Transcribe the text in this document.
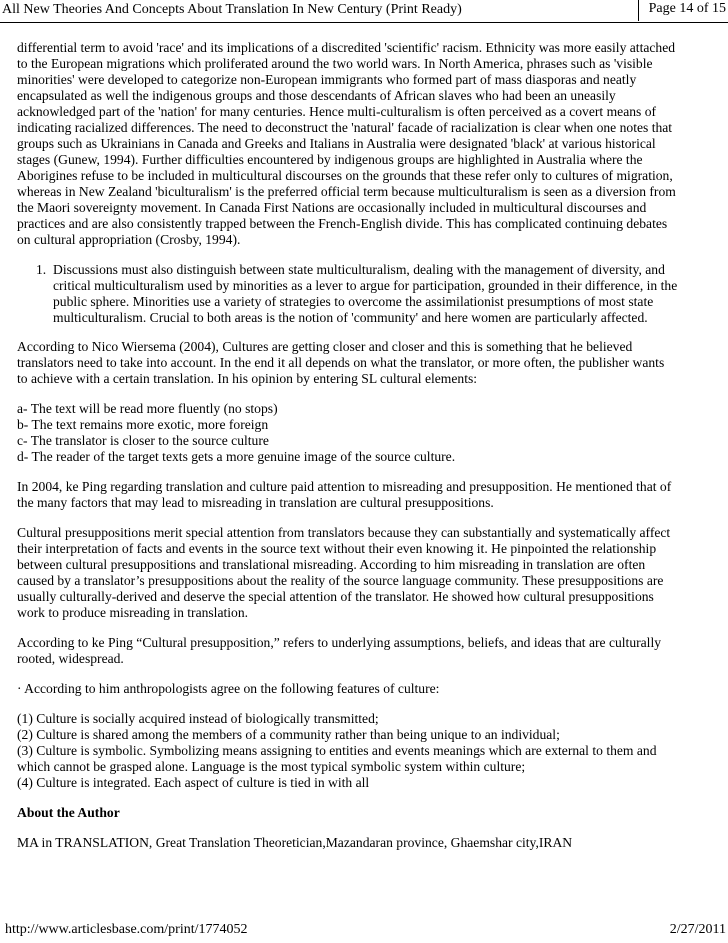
All New Theories And Concepts About Translation In New Century (Print Ready)	Page 14 of 15
differential term to avoid 'race' and its implications of a discredited 'scientific' racism. Ethnicity was more easily attached
to the European migrations which proliferated around the two world wars. In North America, phrases such as 'visible
minorities' were developed to categorize non-European immigrants who formed part of mass diasporas and neatly
encapsulated as well the indigenous groups and those descendants of African slaves who had been an uneasily
acknowledged part of the 'nation' for many centuries. Hence multi-culturalism is often perceived as a covert means of
indicating racialized differences. The need to deconstruct the 'natural' facade of racialization is clear when one notes that
groups such as Ukrainians in Canada and Greeks and Italians in Australia were designated 'black' at various historical
stages (Gunew, 1994). Further difficulties encountered by indigenous groups are highlighted in Australia where the
Aborigines refuse to be included in multicultural discourses on the grounds that these refer only to cultures of migration,
whereas in New Zealand 'biculturalism' is the preferred official term because multiculturalism is seen as a diversion from
the Maori sovereignty movement. In Canada First Nations are occasionally included in multicultural discourses and
practices and are also consistently trapped between the French-English divide. This has complicated continuing debates
on cultural appropriation (Crosby, 1994).
1. Discussions must also distinguish between state multiculturalism, dealing with the management of diversity, and
critical multiculturalism used by minorities as a lever to argue for participation, grounded in their difference, in the
public sphere. Minorities use a variety of strategies to overcome the assimilationist presumptions of most state
multiculturalism. Crucial to both areas is the notion of 'community' and here women are particularly affected.
According to Nico Wiersema (2004), Cultures are getting closer and closer and this is something that he believed
translators need to take into account. In the end it all depends on what the translator, or more often, the publisher wants
to achieve with a certain translation. In his opinion by entering SL cultural elements:
a- The text will be read more fluently (no stops)
b- The text remains more exotic, more foreign
c- The translator is closer to the source culture
d- The reader of the target texts gets a more genuine image of the source culture.
In 2004, ke Ping regarding translation and culture paid attention to misreading and presupposition. He mentioned that of
the many factors that may lead to misreading in translation are cultural presuppositions.
Cultural presuppositions merit special attention from translators because they can substantially and systematically affect
their interpretation of facts and events in the source text without their even knowing it. He pinpointed the relationship
between cultural presuppositions and translational misreading. According to him misreading in translation are often
caused by a translator’s presuppositions about the reality of the source language community. These presuppositions are
usually culturally-derived and deserve the special attention of the translator. He showed how cultural presuppositions
work to produce misreading in translation.
According to ke Ping “Cultural presupposition,” refers to underlying assumptions, beliefs, and ideas that are culturally
rooted, widespread.
· According to him anthropologists agree on the following features of culture:
(1) Culture is socially acquired instead of biologically transmitted;
(2) Culture is shared among the members of a community rather than being unique to an individual;
(3) Culture is symbolic. Symbolizing means assigning to entities and events meanings which are external to them and
which cannot be grasped alone. Language is the most typical symbolic system within culture;
(4) Culture is integrated. Each aspect of culture is tied in with all
About the Author
MA in TRANSLATION, Great Translation Theoretician,Mazandaran province, Ghaemshar city,IRAN
http://www.articlesbase.com/print/1774052	2/27/2011
